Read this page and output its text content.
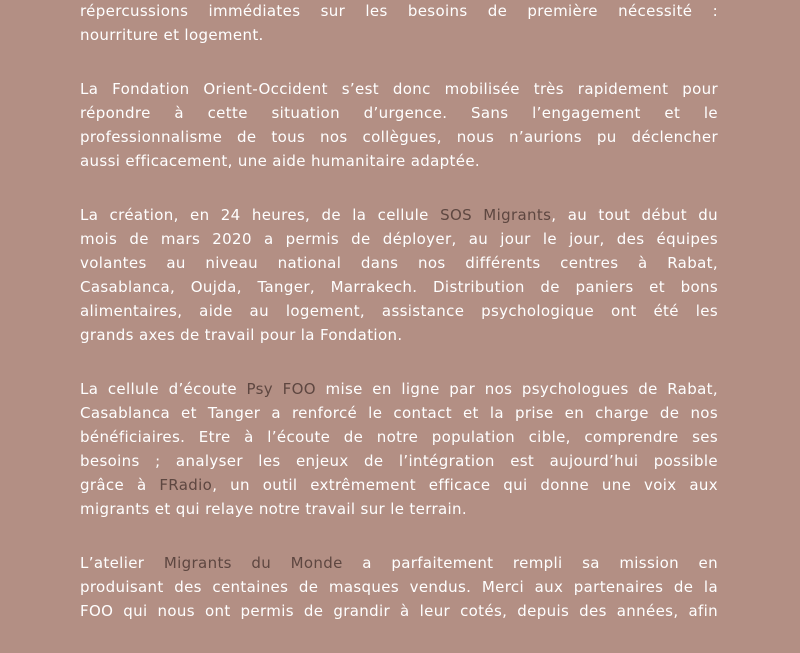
répercussions immédiates sur les besoins de première nécessité :
nourriture et logement.

La Fondation Orient-Occident s’est donc mobilisée très rapidement pour
répondre à cette situation d’urgence. Sans l’engagement et le
professionnalisme de tous nos collègues, nous n’aurions pu déclencher
aussi efficacement, une aide humanitaire adaptée.

La création, en 24 heures, de la cellule SOS Migrants, au tout début du
mois de mars 2020 a permis de déployer, au jour le jour, des équipes
volantes au niveau national dans nos différents centres à Rabat,
Casablanca, Oujda, Tanger, Marrakech. Distribution de paniers et bons
alimentaires, aide au logement, assistance psychologique ont été les
grands axes de travail pour la Fondation.

La cellule d’écoute Psy FOO mise en ligne par nos psychologues de Rabat,
Casablanca et Tanger a renforcé le contact et la prise en charge de nos
bénéficiaires. Etre à l’écoute de notre population cible, comprendre ses
besoins ; analyser les enjeux de l’intégration est aujourd’hui possible
grâce à FRadio, un outil extrêmement efficace qui donne une voix aux
migrants et qui relaye notre travail sur le terrain.

L’atelier Migrants du Monde a parfaitement rempli sa mission en
produisant des centaines de masques vendus. Merci aux partenaires de la
FOO qui nous ont permis de grandir à leur cotés, depuis des années, afin
